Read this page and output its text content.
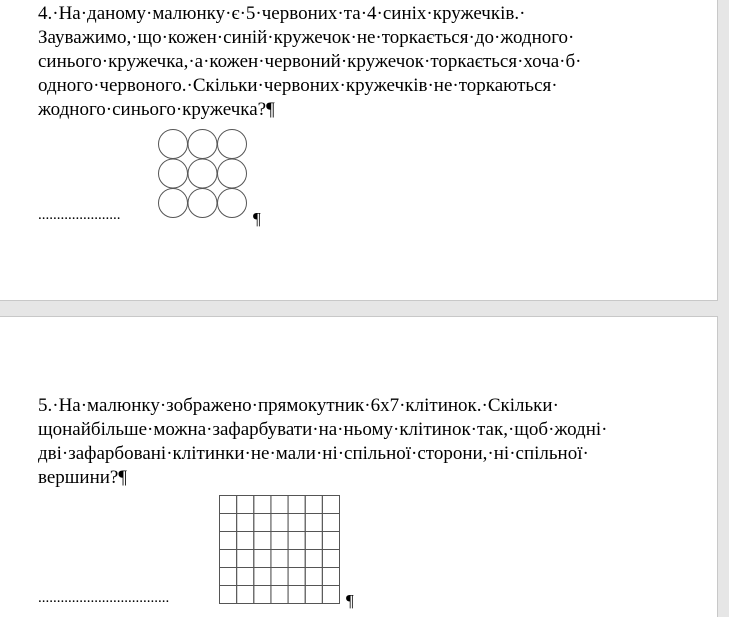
4.·На·даному·малюнку·є·5·червоних·та·4·синіх·кружечків.·
Зауважимо,·що·кожен·синій·кружечок·не·торкається·до·жодного·
синього·кружечка,·а·кожен·червоний·кружечок·торкається·хоча·б·
одного·червоного.·Скільки·червоних·кружечків·не·торкаються·
жодного·синього·кружечка?¶
......................	¶
5.·На·малюнку·зображено·прямокутник·6х7·клітинок.·Скільки·
щонайбільше·можна·зафарбувати·на·ньому·клітинок·так,·щоб·жодні·
дві·зафарбовані·клітинки·не·мали·ні·спільної·сторони,·ні·спільної·
вершини?¶
...................................	¶
